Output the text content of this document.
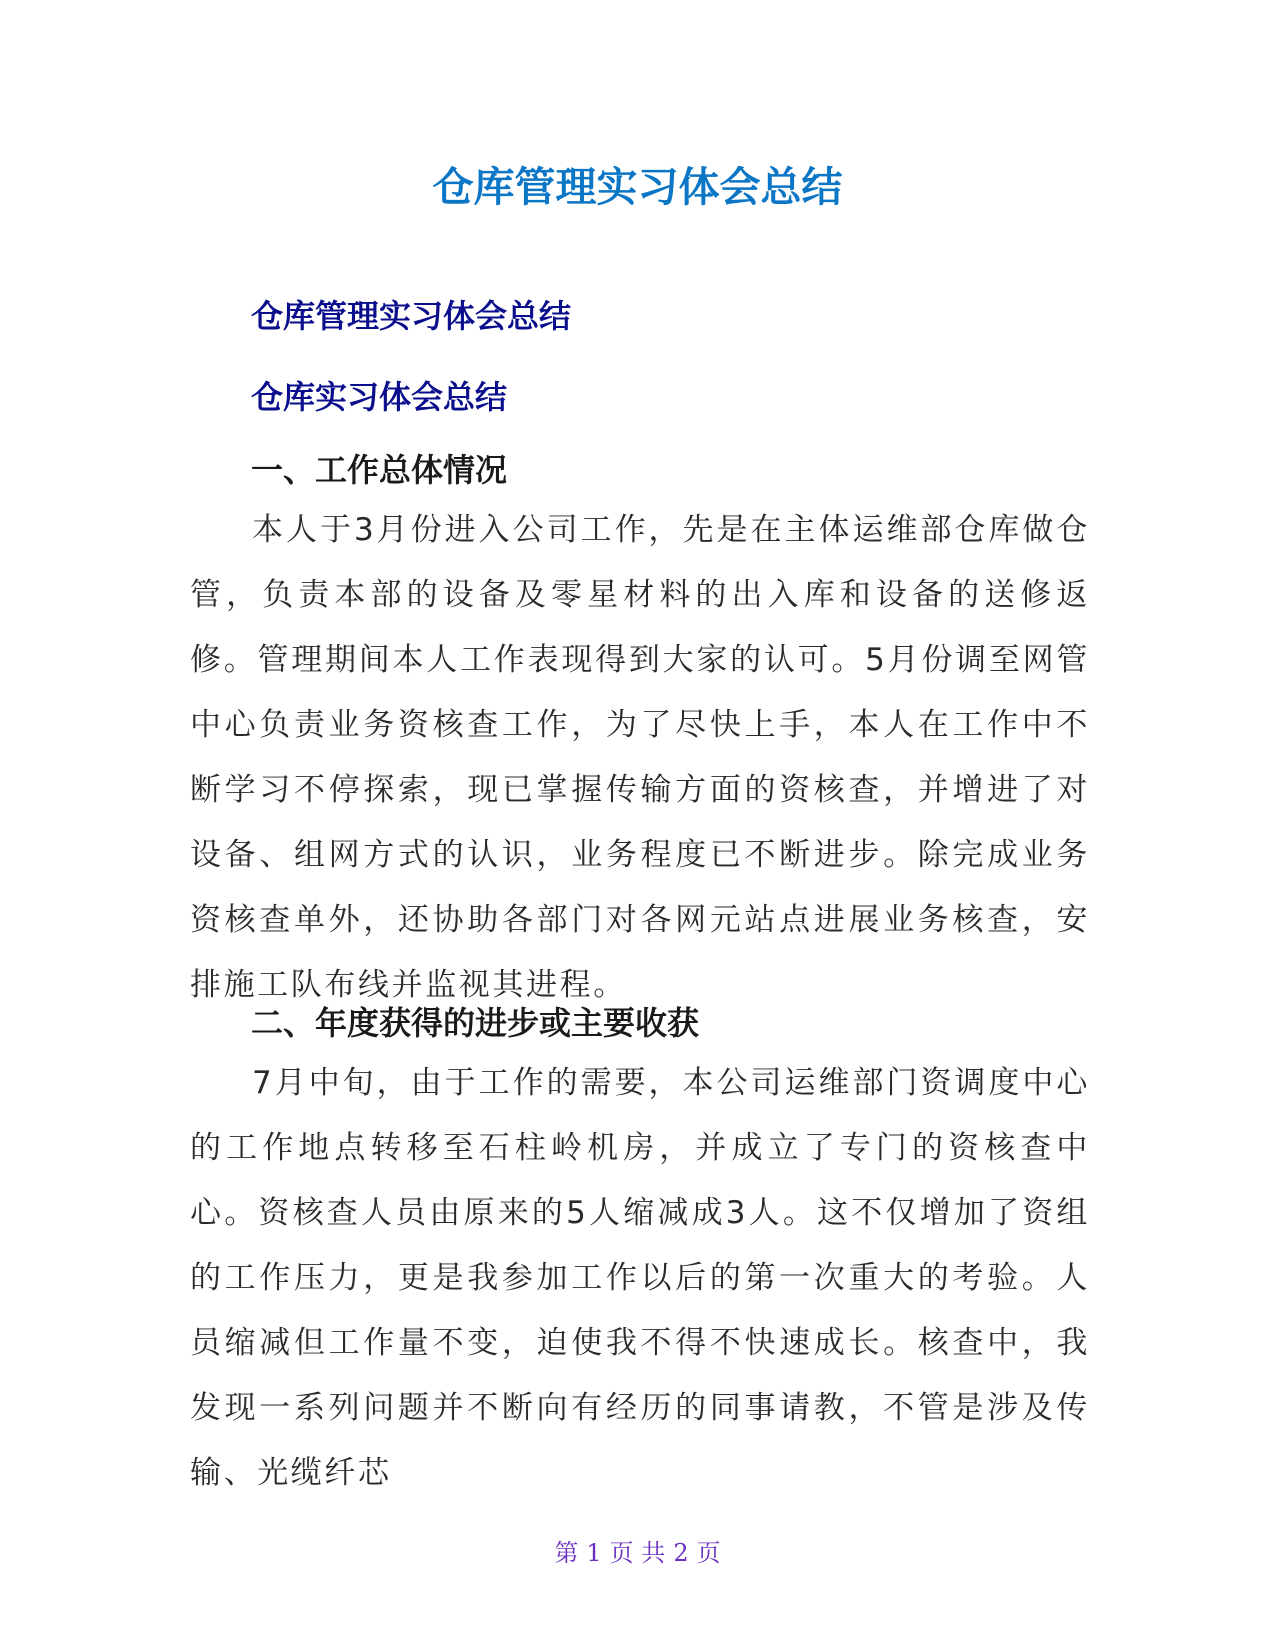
仓库管理实习体会总结
仓库管理实习体会总结
仓库实习体会总结
一、工作总体情况

本人于3月份进入公司工作，先是在主体运维部仓库做仓管，负责本部的设备及零星材料的出入库和设备的送修返修。管理期间本人工作表现得到大家的认可。5月份调至网管中心负责业务资核查工作，为了尽快上手，本人在工作中不断学习不停探索，现已掌握传输方面的资核查，并增进了对设备、组网方式的认识，业务程度已不断进步。除完成业务资核查单外，还协助各部门对各网元站点进展业务核查，安排施工队布线并监视其进程。

二、年度获得的进步或主要收获

7月中旬，由于工作的需要，本公司运维部门资调度中心的工作地点转移至石柱岭机房，并成立了专门的资核查中心。资核查人员由原来的5人缩减成3人。这不仅增加了资组的工作压力，更是我参加工作以后的第一次重大的考验。人员缩减但工作量不变，迫使我不得不快速成长。核查中，我发现一系列问题并不断向有经历的同事请教，不管是涉及传输、光缆纤芯

第 1 页 共 2 页
